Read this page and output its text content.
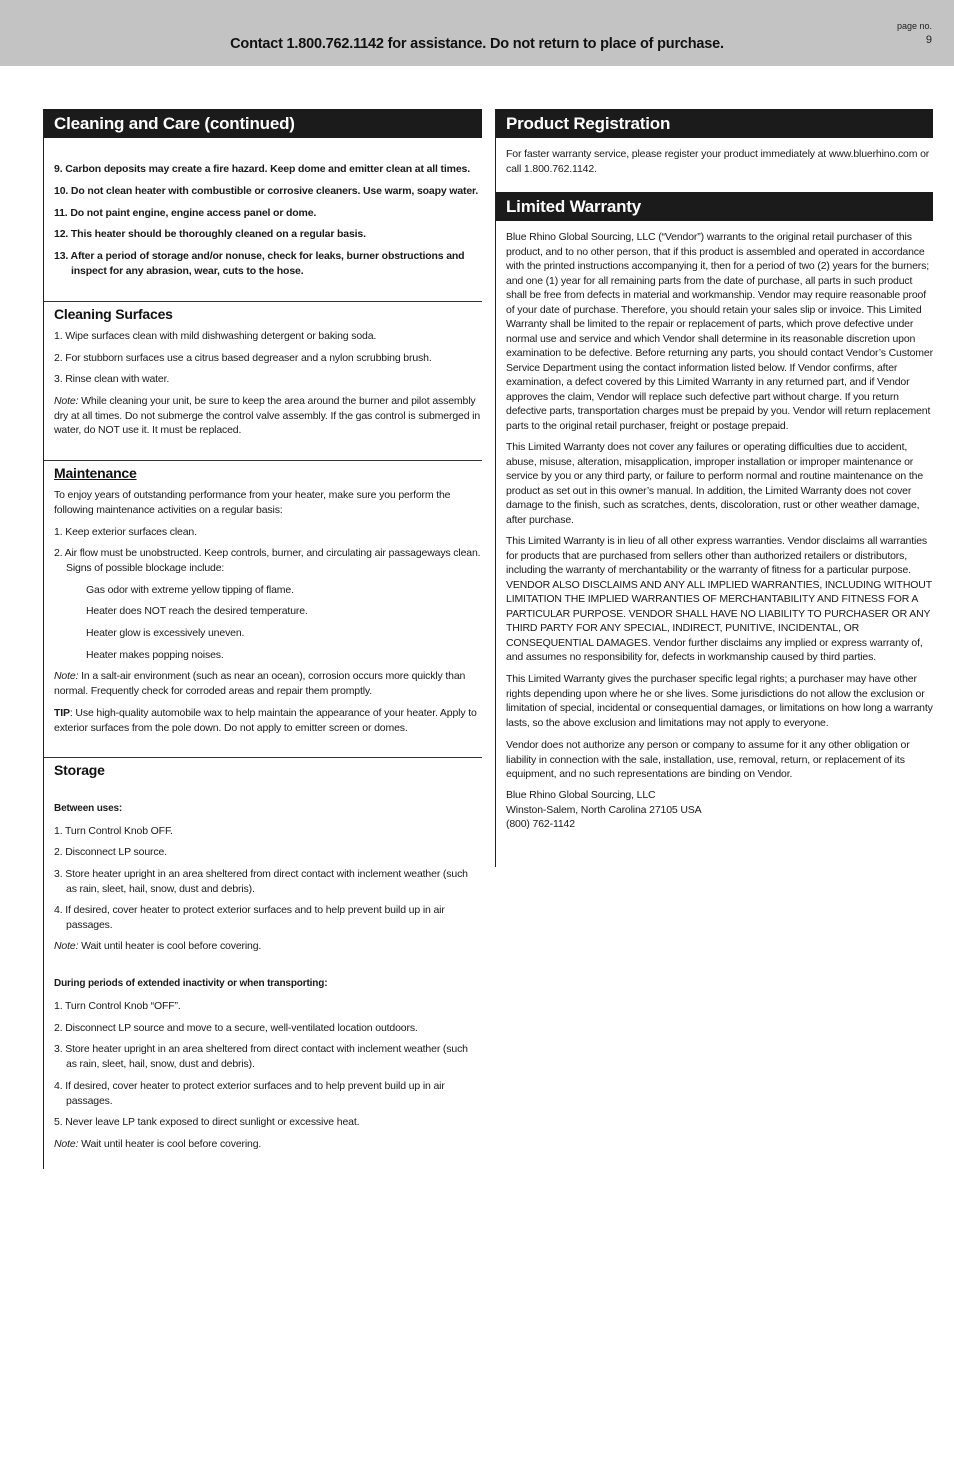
Contact 1.800.762.1142 for assistance. Do not return to place of purchase.
page no.
9
Cleaning and Care (continued)
9. Carbon deposits may create a fire hazard. Keep dome and emitter clean at all times.
10. Do not clean heater with combustible or corrosive cleaners. Use warm, soapy water.
11. Do not paint engine, engine access panel or dome.
12. This heater should be thoroughly cleaned on a regular basis.
13. After a period of storage and/or nonuse, check for leaks, burner obstructions and inspect for any abrasion, wear, cuts to the hose.
Cleaning Surfaces
1. Wipe surfaces clean with mild dishwashing detergent or baking soda.
2. For stubborn surfaces use a citrus based degreaser and a nylon scrubbing brush.
3. Rinse clean with water.
Note: While cleaning your unit, be sure to keep the area around the burner and pilot assembly dry at all times. Do not submerge the control valve assembly. If the gas control is submerged in water, do NOT use it. It must be replaced.
Maintenance
To enjoy years of outstanding performance from your heater, make sure you perform the following maintenance activities on a regular basis:
1. Keep exterior surfaces clean.
2. Air flow must be unobstructed. Keep controls, burner, and circulating air passageways clean. Signs of possible blockage include:
Gas odor with extreme yellow tipping of flame.
Heater does NOT reach the desired temperature.
Heater glow is excessively uneven.
Heater makes popping noises.
Note: In a salt-air environment (such as near an ocean), corrosion occurs more quickly than normal. Frequently check for corroded areas and repair them promptly.
TIP: Use high-quality automobile wax to help maintain the appearance of your heater. Apply to exterior surfaces from the pole down. Do not apply to emitter screen or domes.
Storage
Between uses:
1. Turn Control Knob OFF.
2. Disconnect LP source.
3. Store heater upright in an area sheltered from direct contact with inclement weather (such as rain, sleet, hail, snow, dust and debris).
4. If desired, cover heater to protect exterior surfaces and to help prevent build up in air passages.
Note: Wait until heater is cool before covering.
During periods of extended inactivity or when transporting:
1. Turn Control Knob “OFF”.
2. Disconnect LP source and move to a secure, well-ventilated location outdoors.
3. Store heater upright in an area sheltered from direct contact with inclement weather (such as rain, sleet, hail, snow, dust and debris).
4. If desired, cover heater to protect exterior surfaces and to help prevent build up in air passages.
5. Never leave LP tank exposed to direct sunlight or excessive heat.
Note: Wait until heater is cool before covering.
Product Registration
For faster warranty service, please register your product immediately at www.bluerhino.com or call 1.800.762.1142.
Limited Warranty
Blue Rhino Global Sourcing, LLC (“Vendor”) warrants to the original retail purchaser of this product, and to no other person, that if this product is assembled and operated in accordance with the printed instructions accompanying it, then for a period of two (2) years for the burners; and one (1) year for all remaining parts from the date of purchase, all parts in such product shall be free from defects in material and workmanship. Vendor may require reasonable proof of your date of purchase. Therefore, you should retain your sales slip or invoice. This Limited Warranty shall be limited to the repair or replacement of parts, which prove defective under normal use and service and which Vendor shall determine in its reasonable discretion upon examination to be defective. Before returning any parts, you should contact Vendor’s Customer Service Department using the contact information listed below. If Vendor confirms, after examination, a defect covered by this Limited Warranty in any returned part, and if Vendor approves the claim, Vendor will replace such defective part without charge. If you return defective parts, transportation charges must be prepaid by you. Vendor will return replacement parts to the original retail purchaser, freight or postage prepaid.
This Limited Warranty does not cover any failures or operating difficulties due to accident, abuse, misuse, alteration, misapplication, improper installation or improper maintenance or service by you or any third party, or failure to perform normal and routine maintenance on the product as set out in this owner’s manual. In addition, the Limited Warranty does not cover damage to the finish, such as scratches, dents, discoloration, rust or other weather damage, after purchase.
This Limited Warranty is in lieu of all other express warranties. Vendor disclaims all warranties for products that are purchased from sellers other than authorized retailers or distributors, including the warranty of merchantability or the warranty of fitness for a particular purpose. VENDOR ALSO DISCLAIMS AND ANY ALL IMPLIED WARRANTIES, INCLUDING WITHOUT LIMITATION THE IMPLIED WARRANTIES OF MERCHANTABILITY AND FITNESS FOR A PARTICULAR PURPOSE. VENDOR SHALL HAVE NO LIABILITY TO PURCHASER OR ANY THIRD PARTY FOR ANY SPECIAL, INDIRECT, PUNITIVE, INCIDENTAL, OR CONSEQUENTIAL DAMAGES. Vendor further disclaims any implied or express warranty of, and assumes no responsibility for, defects in workmanship caused by third parties.
This Limited Warranty gives the purchaser specific legal rights; a purchaser may have other rights depending upon where he or she lives. Some jurisdictions do not allow the exclusion or limitation of special, incidental or consequential damages, or limitations on how long a warranty lasts, so the above exclusion and limitations may not apply to everyone.
Vendor does not authorize any person or company to assume for it any other obligation or liability in connection with the sale, installation, use, removal, return, or replacement of its equipment, and no such representations are binding on Vendor.
Blue Rhino Global Sourcing, LLC
Winston-Salem, North Carolina 27105 USA
(800) 762-1142
